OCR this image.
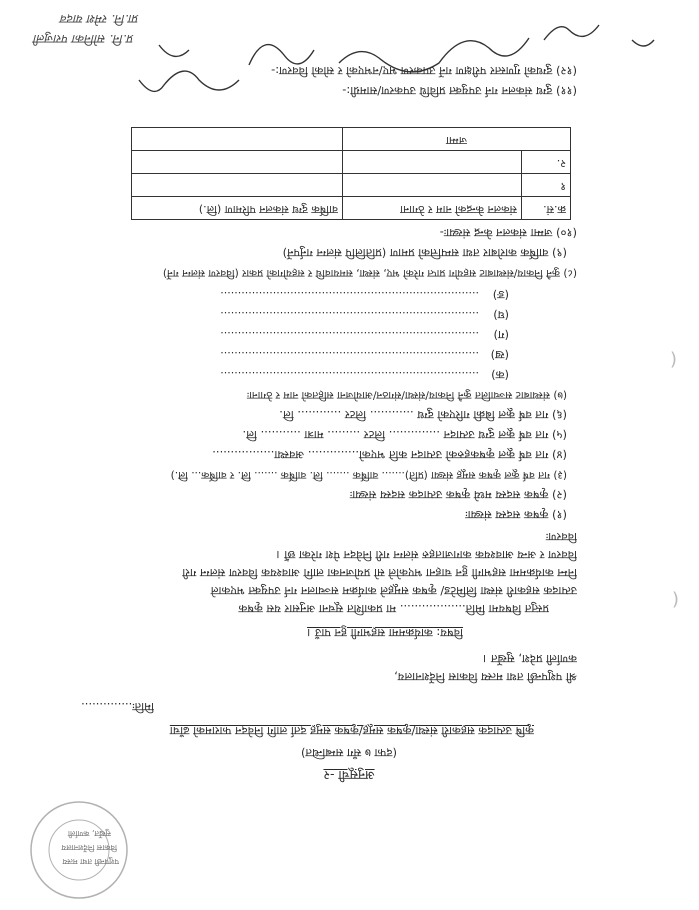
अनुसूची -२
(दफा ७ सँग सम्बन्धित)
कृषि उत्पादक सहकारी संस्था/कृषक समूह/कृषक समुह दर्ता लागि निवेदन फारामको ढाँचा
मितिः..............
श्री पशुपन्छी तथा मत्स्य विकास निर्देशनालय,
कर्णाली प्रदेश, सुर्खेत ।
विषय: कार्यक्रममा सहभागी हुन पाउँ ।
प्रस्तुत विषयमा मिति.................. मा प्रकाशित सूचना अनुसार यस कृषक
उत्पादक सहकारी संस्था लिमिटेड/ कृषक समूहले कार्यक्रम सञ्चालन गर्न उपयुक्त भएकाले
निम्न कार्यक्रममा सहभागी हुन चाहना भएकोले सो प्रयोजनका लागि आवश्यक विवरण संलग्न गरी
विवरण र अन्य आवश्यक कागजातहरु संलग्न गरी निवेदन पेश गरेका छौं ।
विवरणः
(१) कृषक सदस्य संख्याः
(२) कृषक सदस्य मध्ये कृषक उत्पादक सदस्य संख्याः
(३) गत वर्ष कूल कृषक समूह संख्या (प्रति)....... वार्षिक ....... लि. वार्षिक ....... लि. र वार्षिक... लि.)
(४) गत वर्ष कूल कृषकहरुको उत्पादन कति भएको.............. अवस्था.................
(५) गत वर्ष कूल दुग्ध उत्पादन .............. लिटर ......... मात्रा ........... लि.
(६) गत वर्ष कूल बिक्री गरिएको दुग्ध ............ लिटर ............ लि.
(७) संस्थाबाट सञ्चालित कुनै निकाय/संस्था/संगठन/आयोजना सहितको नाम र ठेगानाः
(क)
..........................................................................
(ख)
..........................................................................
(ग)
..........................................................................
(घ)
..........................................................................
(ङ)
..........................................................................
(८) कुनै निकाय/संस्थाबाट सहयोग प्राप्त गरेको भए, संस्था, समयावधि र सहयोगको प्रकार (विवरण संलग्न गर्ने)
(९) वार्षिक कारोबार तथा सम्पत्तिको प्रमाण (प्रतिलिपि संलग्न गर्नुपर्ने)
(१०) जम्मा संकलन केन्द्र संख्याः-
क्र.सं.	संकलन केन्द्रको नाम र ठेगाना	वार्षिक दुग्ध संकलन परिमाण (लि.)
१		
२.		
जम्मा		
(११) दुग्ध संकलन गर्न उपयुक्त प्रविधि उपकरण/सामग्री:-
(१२) दुग्धको गुणस्तर परीक्षण गर्ने उपकरण भए/नभएको र सोको विवरण:-
प्र.नि. सोनिका पराजुली
प्रा.नि. रमेश यादव
पशुपन्छी तथा मत्स्य
विकास निर्देशनालय
सुर्खेत, कर्णाली
(
(
